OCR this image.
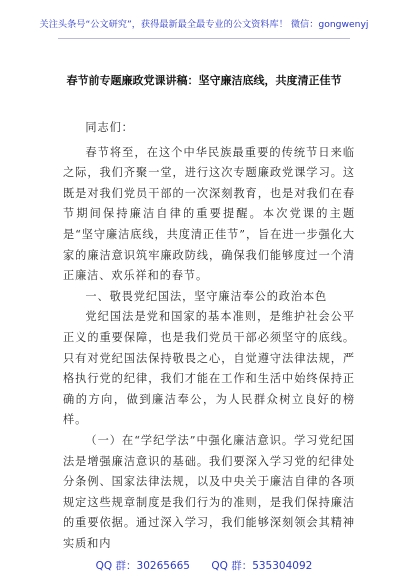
关注头条号“公文研究”，获得最新最全最专业的公文资料库！ 微信：gongwenyj
春节前专题廉政党课讲稿：坚守廉洁底线，共度清正佳节

同志们：

春节将至，在这个中华民族最重要的传统节日来临之际，我们齐聚一堂，进行这次专题廉政党课学习。这既是对我们党员干部的一次深刻教育，也是对我们在春节期间保持廉洁自律的重要提醒。本次党课的主题是“坚守廉洁底线，共度清正佳节”，旨在进一步强化大家的廉洁意识筑牢廉政防线，确保我们能够度过一个清正廉洁、欢乐祥和的春节。

一、敬畏党纪国法，坚守廉洁奉公的政治本色

党纪国法是党和国家的基本准则，是维护社会公平正义的重要保障，也是我们党员干部必须坚守的底线。只有对党纪国法保持敬畏之心，自觉遵守法律法规，严格执行党的纪律，我们才能在工作和生活中始终保持正确的方向，做到廉洁奉公，为人民群众树立良好的榜样。

（一）在“学纪学法”中强化廉洁意识。学习党纪国法是增强廉洁意识的基础。我们要深入学习党的纪律处分条例、国家法律法规，以及中央关于廉洁自律的各项规定这些规章制度是我们行为的准则，是我们保持廉洁的重要依据。通过深入学习，我们能够深刻领会其精神实质和内

QQ 群：30265665 QQ 群：535304092
